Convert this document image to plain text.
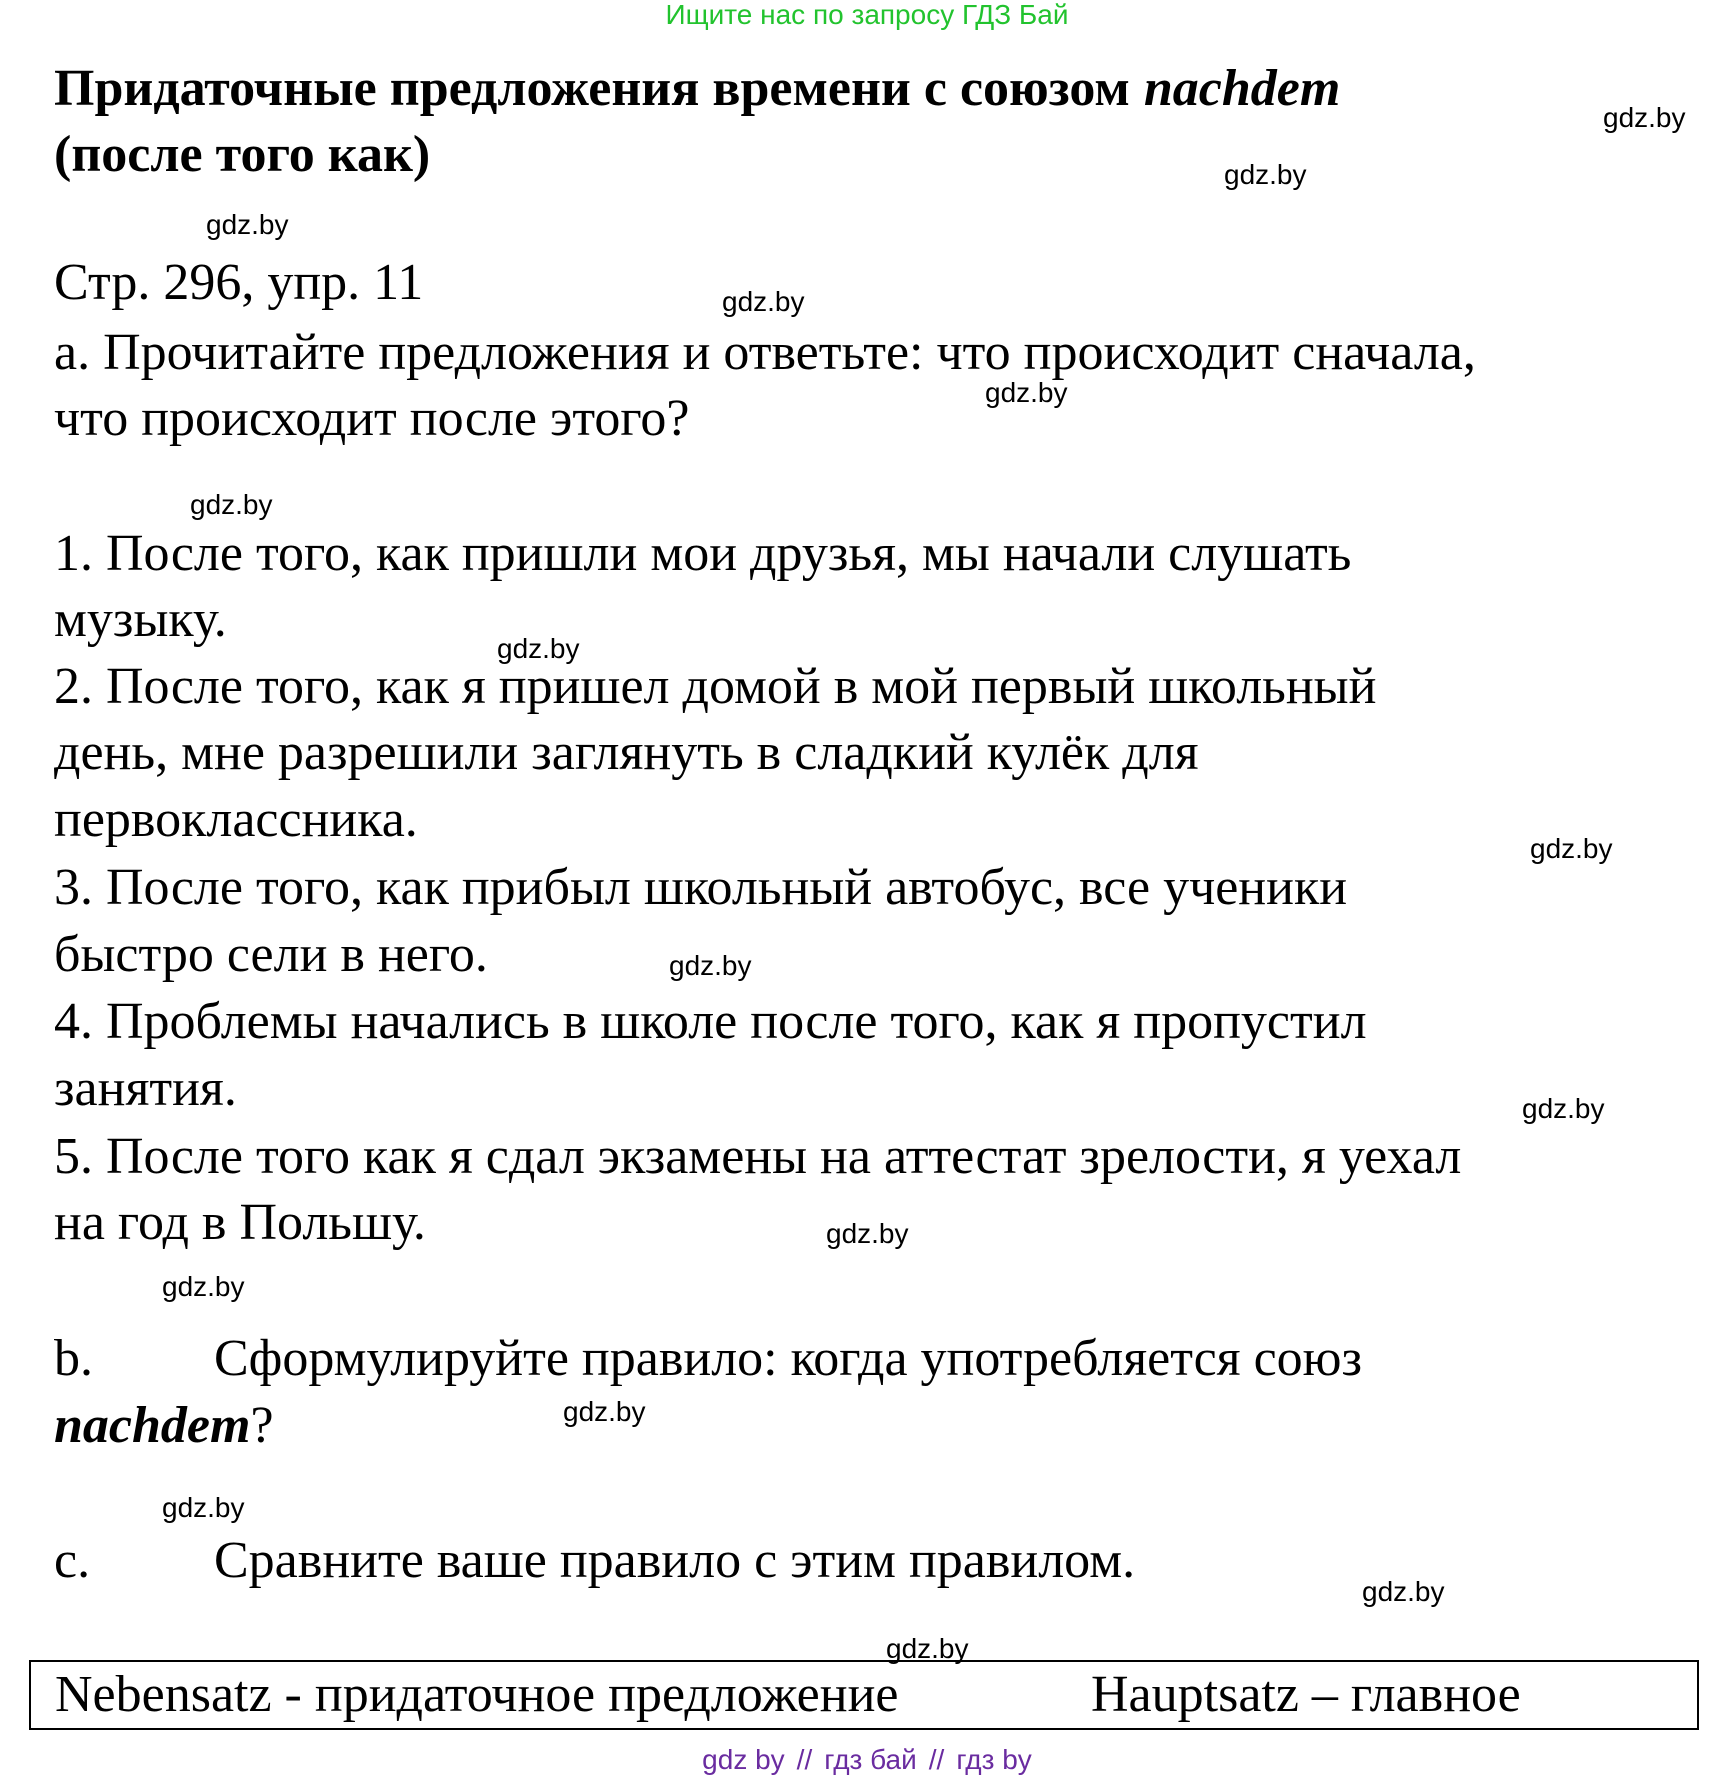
Ищите нас по запросу ГДЗ Бай
Придаточные предложения времени с союзом nachdem
(после того как)
Стр. 296, упр. 11
a. Прочитайте предложения и ответьте: что происходит сначала,
что происходит после этого?
1. После того, как пришли мои друзья, мы начали слушать
музыку.
2. После того, как я пришел домой в мой первый школьный
день, мне разрешили заглянуть в сладкий кулёк для
первоклассника.
3. После того, как прибыл школьный автобус, все ученики
быстро сели в него.
4. Проблемы начались в школе после того, как я пропустил
занятия.
5. После того как я сдал экзамены на аттестат зрелости, я уехал
на год в Польшу.
b. Сформулируйте правило: когда употребляется союз
nachdem?
c. Сравните ваше правило с этим правилом.
Nebensatz - придаточное предложение	Hauptsatz – главное
gdz.by
gdz.by
gdz.by
gdz.by
gdz.by
gdz.by
gdz.by
gdz.by
gdz.by
gdz.by
gdz.by
gdz.by
gdz.by
gdz.by
gdz.by
gdz.by
gdz by // гдз бай // гдз by
